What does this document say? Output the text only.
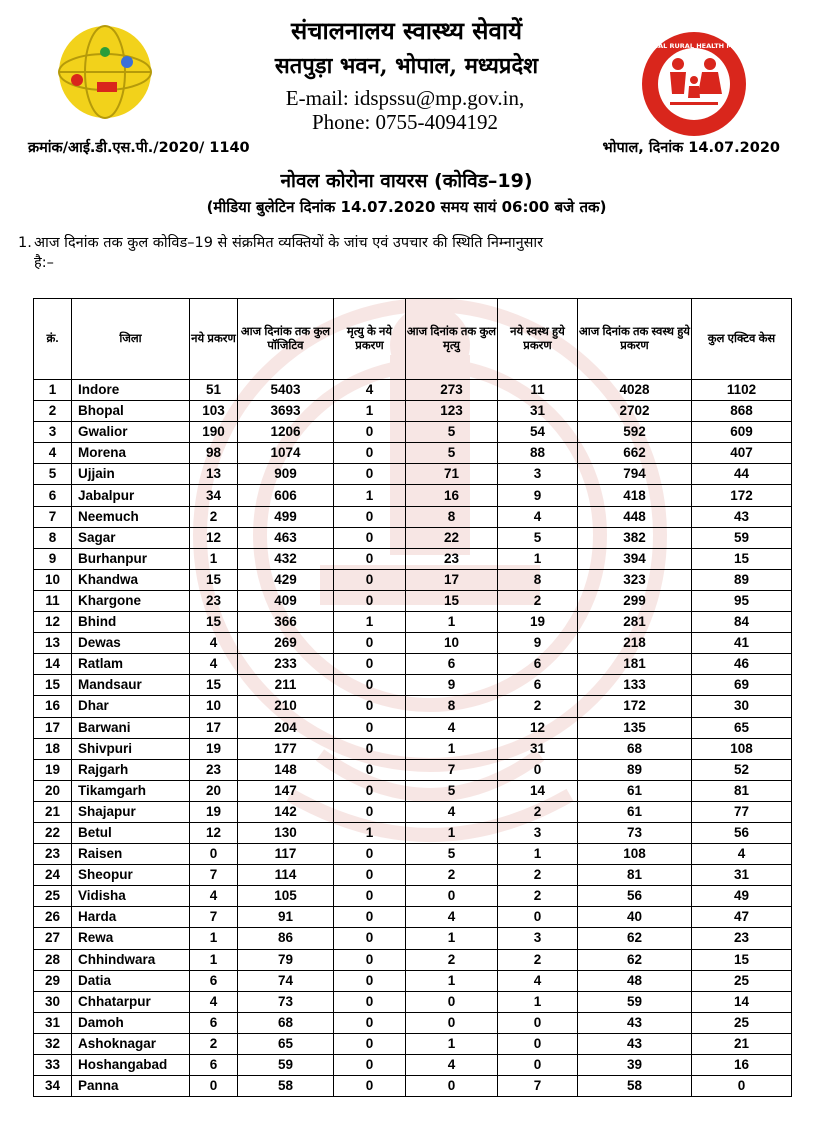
NATIONAL RURAL HEALTH MISSION
संचालनालय स्वास्थ्य सेवायें
सतपुड़ा भवन, भोपाल, मध्यप्रदेश
E-mail: idspssu@mp.gov.in,
Phone: 0755-4094192
क्रमांक/आई.डी.एस.पी./2020/ 1140	भोपाल, दिनांक 14.07.2020
नोवल कोरोना वायरस (कोविड–19)
(मीडिया बुलेटिन दिनांक 14.07.2020 समय सायं 06:00 बजे तक)
1. आज दिनांक तक कुल कोविड–19 से संक्रमित व्यक्तियों के जांच एवं उपचार की स्थिति निम्नानुसार
है:–
क्रं.	जिला	नये प्रकरण	आज दिनांक तक कुल पॉजिटिव	मृत्यु के नये प्रकरण	आज दिनांक तक कुल मृत्यु	नये स्वस्थ हुये प्रकरण	आज दिनांक तक स्वस्थ हुये प्रकरण	कुल एक्टिव केस
1	Indore	51	5403	4	273	11	4028	1102
2	Bhopal	103	3693	1	123	31	2702	868
3	Gwalior	190	1206	0	5	54	592	609
4	Morena	98	1074	0	5	88	662	407
5	Ujjain	13	909	0	71	3	794	44
6	Jabalpur	34	606	1	16	9	418	172
7	Neemuch	2	499	0	8	4	448	43
8	Sagar	12	463	0	22	5	382	59
9	Burhanpur	1	432	0	23	1	394	15
10	Khandwa	15	429	0	17	8	323	89
11	Khargone	23	409	0	15	2	299	95
12	Bhind	15	366	1	1	19	281	84
13	Dewas	4	269	0	10	9	218	41
14	Ratlam	4	233	0	6	6	181	46
15	Mandsaur	15	211	0	9	6	133	69
16	Dhar	10	210	0	8	2	172	30
17	Barwani	17	204	0	4	12	135	65
18	Shivpuri	19	177	0	1	31	68	108
19	Rajgarh	23	148	0	7	0	89	52
20	Tikamgarh	20	147	0	5	14	61	81
21	Shajapur	19	142	0	4	2	61	77
22	Betul	12	130	1	1	3	73	56
23	Raisen	0	117	0	5	1	108	4
24	Sheopur	7	114	0	2	2	81	31
25	Vidisha	4	105	0	0	2	56	49
26	Harda	7	91	0	4	0	40	47
27	Rewa	1	86	0	1	3	62	23
28	Chhindwara	1	79	0	2	2	62	15
29	Datia	6	74	0	1	4	48	25
30	Chhatarpur	4	73	0	0	1	59	14
31	Damoh	6	68	0	0	0	43	25
32	Ashoknagar	2	65	0	1	0	43	21
33	Hoshangabad	6	59	0	4	0	39	16
34	Panna	0	58	0	0	7	58	0
